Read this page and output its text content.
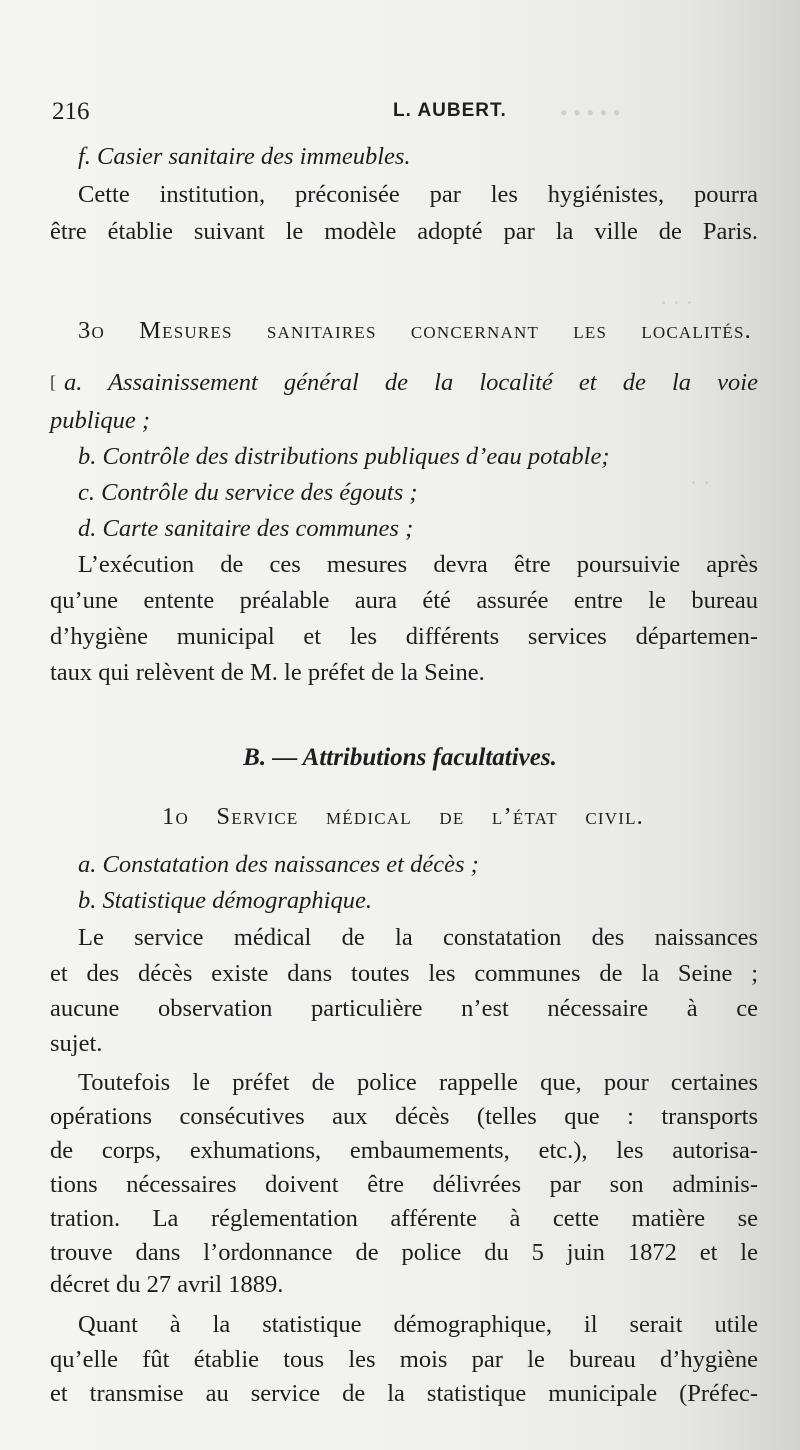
• • • • •
· · ·
· ·
216	L. AUBERT.
[
f. Casier sanitaire des immeubles.
Cette institution, préconisée par les hygiénistes, pourra
être établie suivant le modèle adopté par la ville de Paris.
3o Mesures sanitaires concernant les localités.
a. Assainissement général de la localité et de la voie
publique ;
b. Contrôle des distributions publiques d’eau potable;
c. Contrôle du service des égouts ;
d. Carte sanitaire des communes ;
L’exécution de ces mesures devra être poursuivie après
qu’une entente préalable aura été assurée entre le bureau
d’hygiène municipal et les différents services départemen-
taux qui relèvent de M. le préfet de la Seine.
B. — Attributions facultatives.
1o Service médical de l’état civil.
a. Constatation des naissances et décès ;
b. Statistique démographique.
Le service médical de la constatation des naissances
et des décès existe dans toutes les communes de la Seine ;
aucune observation particulière n’est nécessaire à ce
sujet.
Toutefois le préfet de police rappelle que, pour certaines
opérations consécutives aux décès (telles que : transports
de corps, exhumations, embaumements, etc.), les autorisa-
tions nécessaires doivent être délivrées par son adminis-
tration. La réglementation afférente à cette matière se
trouve dans l’ordonnance de police du 5 juin 1872 et le
décret du 27 avril 1889.
Quant à la statistique démographique, il serait utile
qu’elle fût établie tous les mois par le bureau d’hygiène
et transmise au service de la statistique municipale (Préfec-
